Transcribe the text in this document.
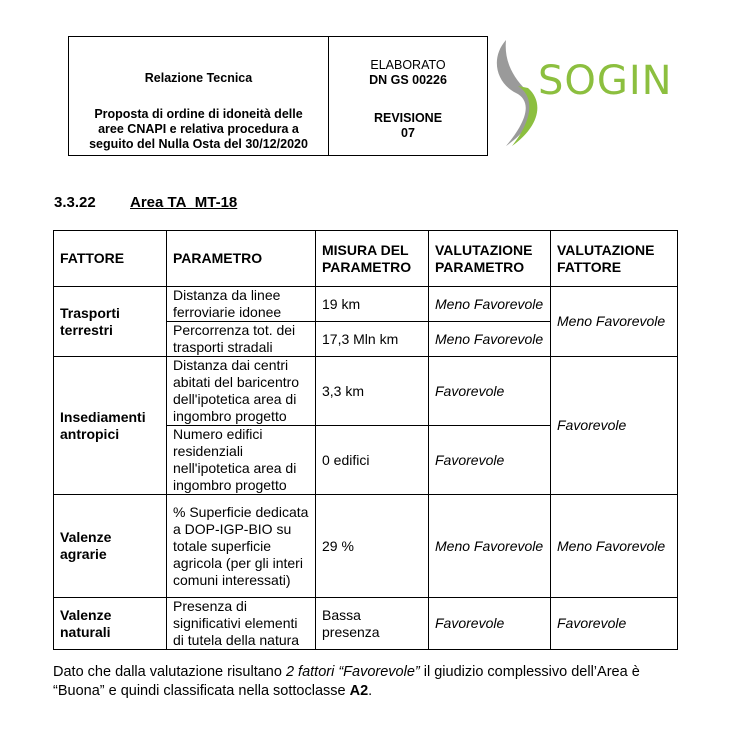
Relazione Tecnica
Proposta di ordine di idoneità delle
aree CNAPI e relativa procedura a
seguito del Nulla Osta del 30/12/2020
ELABORATO
DN GS 00226
REVISIONE
07
SOGIN
3.3.22 Area TA_MT-18
FATTORE	PARAMETRO	MISURA DEL PARAMETRO	VALUTAZIONE PARAMETRO	VALUTAZIONE FATTORE
Trasporti terrestri	Distanza da linee ferroviarie idonee	19 km	Meno Favorevole	Meno Favorevole
	Percorrenza tot. dei trasporti stradali	17,3 Mln km	Meno Favorevole	
Insediamenti antropici	Distanza dai centri abitati del baricentro dell'ipotetica area di ingombro progetto	3,3 km	Favorevole	Favorevole
	Numero edifici residenziali nell'ipotetica area di ingombro progetto	0 edifici	Favorevole	
Valenze agrarie	% Superficie dedicata a DOP-IGP-BIO su totale superficie agricola (per gli interi comuni interessati)	29 %	Meno Favorevole	Meno Favorevole
Valenze naturali	Presenza di significativi elementi di tutela della natura	Bassa presenza	Favorevole	Favorevole
Dato che dalla valutazione risultano 2 fattori “Favorevole” il giudizio complessivo dell’Area è “Buona” e quindi classificata nella sottoclasse A2.
